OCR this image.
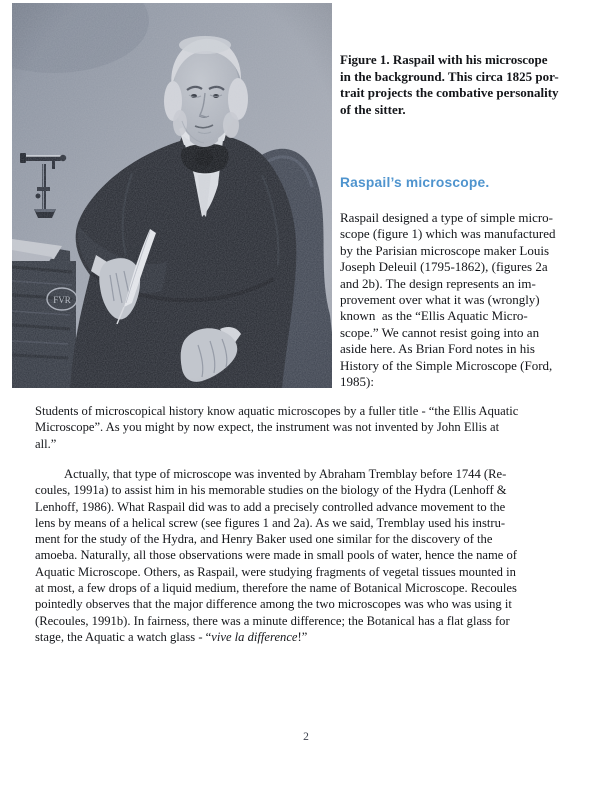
Figure 1. Raspail with his microscope
in the background. This circa 1825 por-
trait projects the combative personality
of the sitter.
Raspail’s microscope.
Raspail designed a type of simple micro-
scope (figure 1) which was manufactured
by the Parisian microscope maker Louis
Joseph Deleuil (1795-1862), (figures 2a
and 2b). The design represents an im-
provement over what it was (wrongly)
known  as the “Ellis Aquatic Micro-
scope.” We cannot resist going into an
aside here. As Brian Ford notes in his
History of the Simple Microscope (Ford,
1985):
Students of microscopical history know aquatic microscopes by a fuller title - “the Ellis Aquatic
Microscope”. As you might by now expect, the instrument was not invented by John Ellis at
all.”
Actually, that type of microscope was invented by Abraham Tremblay before 1744 (Re-
coules, 1991a) to assist him in his memorable studies on the biology of the Hydra (Lenhoff &
Lenhoff, 1986). What Raspail did was to add a precisely controlled advance movement to the
lens by means of a helical screw (see figures 1 and 2a). As we said, Tremblay used his instru-
ment for the study of the Hydra, and Henry Baker used one similar for the discovery of the
amoeba. Naturally, all those observations were made in small pools of water, hence the name of
Aquatic Microscope. Others, as Raspail, were studying fragments of vegetal tissues mounted in
at most, a few drops of a liquid medium, therefore the name of Botanical Microscope. Recoules
pointedly observes that the major difference among the two microscopes was who was using it
(Recoules, 1991b). In fairness, there was a minute difference; the Botanical has a flat glass for
stage, the Aquatic a watch glass - “vive la difference!”
2
